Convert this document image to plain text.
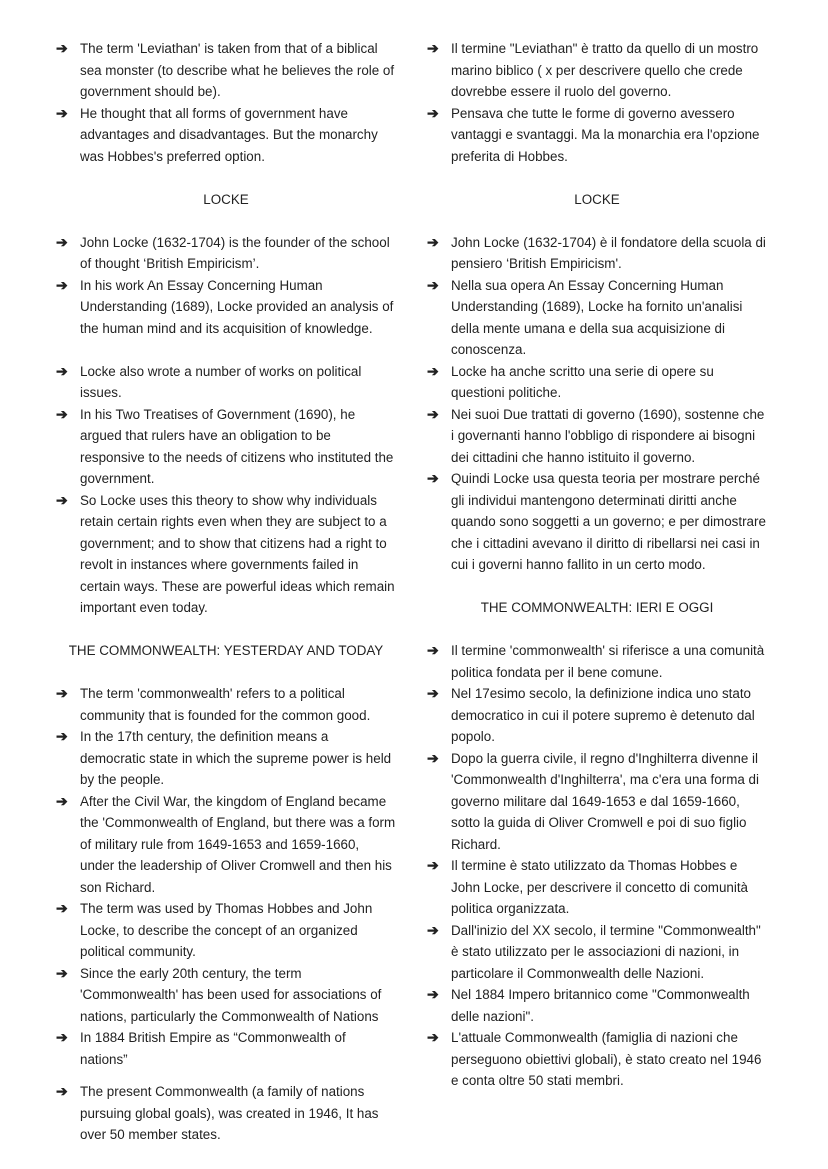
➔ The term 'Leviathan' is taken from that of a biblical sea monster (to describe what he believes the role of government should be).
➔ He thought that all forms of government have advantages and disadvantages. But the monarchy was Hobbes's preferred option.
LOCKE
➔ John Locke (1632-1704) is the founder of the school of thought ‘British Empiricism’.
➔ In his work An Essay Concerning Human Understanding (1689), Locke provided an analysis of the human mind and its acquisition of knowledge.
➔ Locke also wrote a number of works on political issues.
➔ In his Two Treatises of Government (1690), he argued that rulers have an obligation to be responsive to the needs of citizens who instituted the government.
➔ So Locke uses this theory to show why individuals retain certain rights even when they are subject to a government; and to show that citizens had a right to revolt in instances where governments failed in certain ways. These are powerful ideas which remain important even today.
THE COMMONWEALTH: YESTERDAY AND TODAY
➔ The term 'commonwealth' refers to a political community that is founded for the common good.
➔ In the 17th century, the definition means a democratic state in which the supreme power is held by the people.
➔ After the Civil War, the kingdom of England became the 'Commonwealth of England, but there was a form of military rule from 1649-1653 and 1659-1660, under the leadership of Oliver Cromwell and then his son Richard.
➔ The term was used by Thomas Hobbes and John Locke, to describe the concept of an organized political community.
➔ Since the early 20th century, the term 'Commonwealth' has been used for associations of nations, particularly the Commonwealth of Nations
➔ In 1884 British Empire as “Commonwealth of nations”
➔ The present Commonwealth (a family of nations pursuing global goals), was created in 1946, It has over 50 member states.
➔ Il termine "Leviathan" è tratto da quello di un mostro marino biblico ( x per descrivere quello che crede dovrebbe essere il ruolo del governo.
➔ Pensava che tutte le forme di governo avessero vantaggi e svantaggi. Ma la monarchia era l'opzione preferita di Hobbes.
LOCKE
➔ John Locke (1632-1704) è il fondatore della scuola di pensiero ‘British Empiricism'.
➔ Nella sua opera An Essay Concerning Human Understanding (1689), Locke ha fornito un'analisi della mente umana e della sua acquisizione di conoscenza.
➔ Locke ha anche scritto una serie di opere su questioni politiche.
➔ Nei suoi Due trattati di governo (1690), sostenne che i governanti hanno l'obbligo di rispondere ai bisogni dei cittadini che hanno istituito il governo.
➔ Quindi Locke usa questa teoria per mostrare perché gli individui mantengono determinati diritti anche quando sono soggetti a un governo; e per dimostrare che i cittadini avevano il diritto di ribellarsi nei casi in cui i governi hanno fallito in un certo modo.
THE COMMONWEALTH: IERI E OGGI
➔ Il termine 'commonwealth' si riferisce a una comunità politica fondata per il bene comune.
➔ Nel 17esimo secolo, la definizione indica uno stato democratico in cui il potere supremo è detenuto dal popolo.
➔ Dopo la guerra civile, il regno d'Inghilterra divenne il 'Commonwealth d'Inghilterra', ma c'era una forma di governo militare dal 1649-1653 e dal 1659-1660, sotto la guida di Oliver Cromwell e poi di suo figlio Richard.
➔ Il termine è stato utilizzato da Thomas Hobbes e John Locke, per descrivere il concetto di comunità politica organizzata.
➔ Dall'inizio del XX secolo, il termine "Commonwealth" è stato utilizzato per le associazioni di nazioni, in particolare il Commonwealth delle Nazioni.
➔ Nel 1884 Impero britannico come "Commonwealth delle nazioni".
➔ L'attuale Commonwealth (famiglia di nazioni che perseguono obiettivi globali), è stato creato nel 1946 e conta oltre 50 stati membri.
